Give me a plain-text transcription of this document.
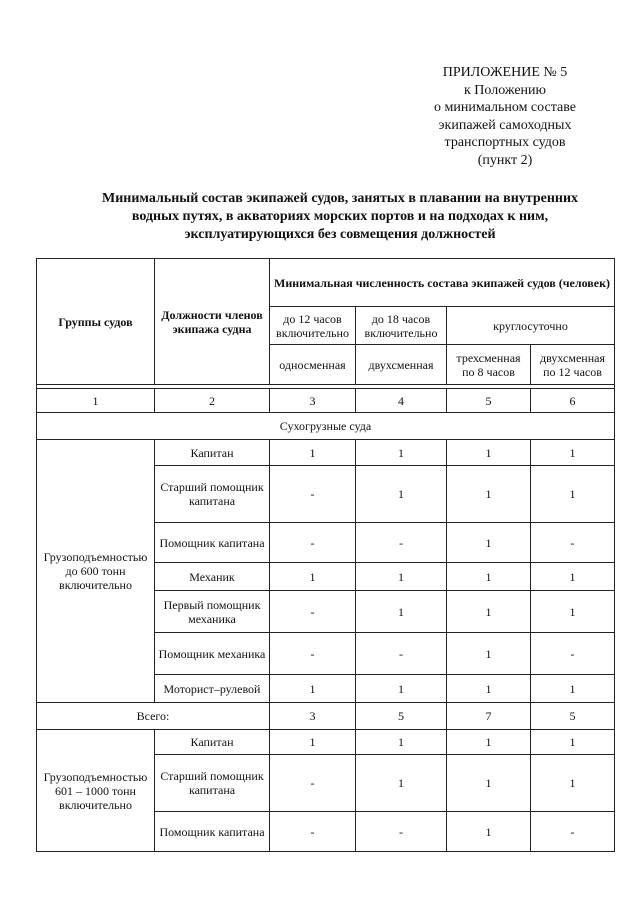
ПРИЛОЖЕНИЕ № 5
к Положению
о минимальном составе
экипажей самоходных
транспортных судов
(пункт 2)
Минимальный состав экипажей судов, занятых в плавании на внутренних
водных путях, в акваториях морских портов и на подходах к ним,
эксплуатирующихся без совмещения должностей
Группы судов	Должности членов экипажа судна	Минимальная численность состава экипажей судов (человек)			
		до 12 часов включительно	до 18 часов включительно	круглосуточно	
		односменная	двухсменная	трехсменная по 8 часов	двухсменная по 12 часов

1	2	3	4	5	6
Сухогрузные суда					
Грузоподъемностью до 600 тонн включительно	Капитан	1	1	1	1
	Старший помощник капитана	-	1	1	1
	Помощник капитана	-	-	1	-
	Механик	1	1	1	1
	Первый помощник механика	-	1	1	1
	Помощник механика	-	-	1	-
	Моторист–рулевой	1	1	1	1
Всего:		3	5	7	5
Грузоподъемностью 601 – 1000 тонн включительно	Капитан	1	1	1	1
	Старший помощник капитана	-	1	1	1
	Помощник капитана	-	-	1	-
